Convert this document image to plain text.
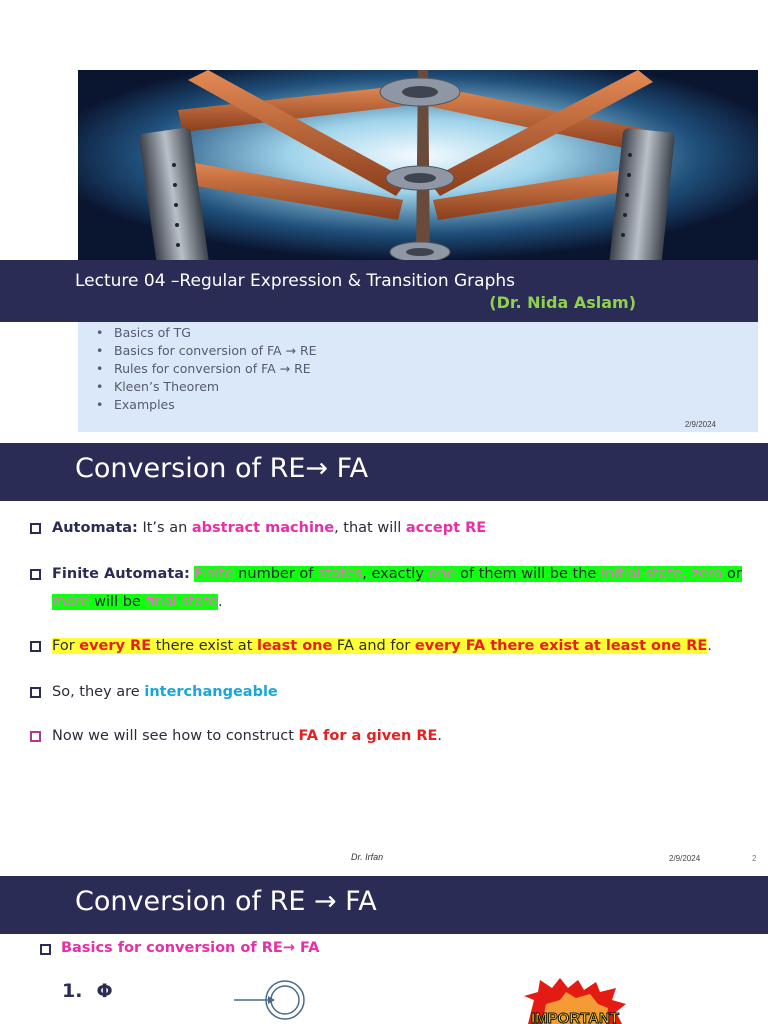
Lecture 04 –Regular Expression & Transition Graphs
(Dr. Nida Aslam)
• Basics of TG
• Basics for conversion of FA → RE
• Rules for conversion of FA → RE
• Kleen’s Theorem
• Examples
2/9/2024
Conversion of RE→ FA
Automata: It’s an abstract machine, that will accept RE
Finite Automata: Finite number of states, exactly one of them will be the initial state, zero or more will be final state.
For every RE there exist at least one FA and for every FA there exist at least one RE.
So, they are interchangeable
Now we will see how to construct FA for a given RE.
Dr. Irfan	2/9/2024	2
Conversion of RE → FA
Basics for conversion of RE→ FA
1. Φ
IMPORTANT
